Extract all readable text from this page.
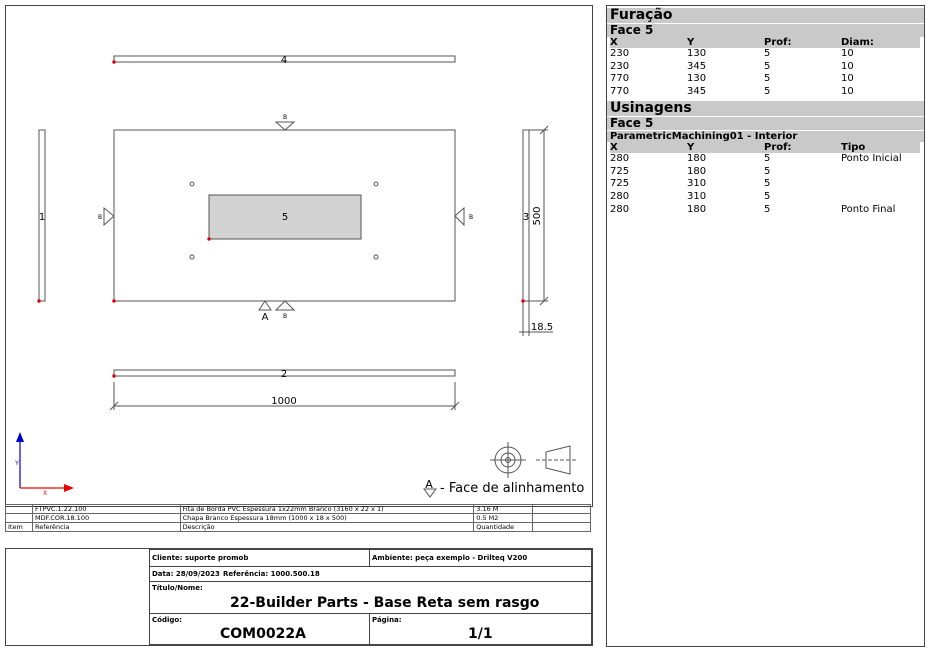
4
2
1	3
5
B
B	B
B
A
1000
500
18.5
Y
X
A - Face de alinhamento
	FTPVC.1.22.100	Fita de Borda PVC Espessura 1x22mm Branco (3160 x 22 x 1)	3.16 M	
	MDF.COR.18.100	Chapa Branco Espessura 18mm (1000 x 18 x 500)	0.5 M2	
Item	Referência	Descrição	Quantidade	
Cliente: suporte promob	Ambiente: peça exemplo - Drilteq V200
Data: 28/09/2023 Referência: 1000.500.18
Título/Nome:
22-Builder Parts - Base Reta sem rasgo
Código:
COM0022A
Página:
1/1
Furação
Face 5
X	Y	Prof:	Diam:
230	130	5	10
230	345	5	10
770	130	5	10
770	345	5	10
Usinagens
Face 5
ParametricMachining01 - Interior
X	Y	Prof:	Tipo
280	180	5	Ponto Inicial
725	180	5	
725	310	5	
280	310	5	
280	180	5	Ponto Final
